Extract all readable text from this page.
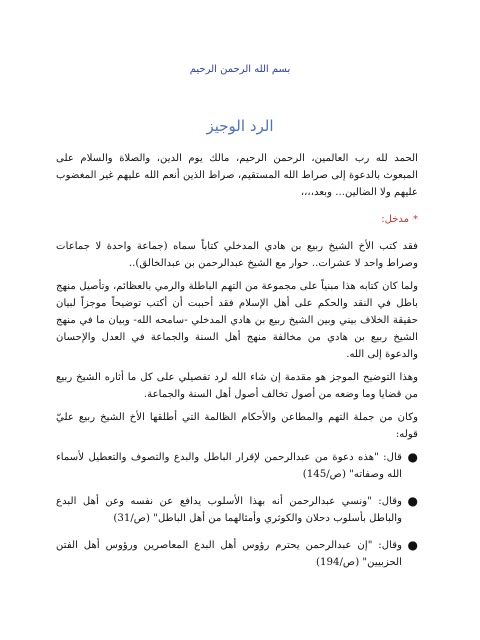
بسم الله الرحمن الرحيم
الرد الوجيز

الحمد لله رب العالمين، الرحمن الرحيم، مالك يوم الدين، والصلاة والسلام على المبعوث بالدعوة إلى صراط الله المستقيم، صراط الذين أنعم الله عليهم غير المغضوب عليهم ولا الضالين... وبعد،،،،

*مدخل:

فقد كتب الأخ الشيخ ربيع بن هادي المدخلي كتاباً سماه (جماعة واحدة لا جماعات وصراط واحد لا عشرات.. حوار مع الشيخ عبدالرحمن بن عبدالخالق)..

ولما كان كتابه هذا مبنياً على مجموعة من التهم الباطلة والرمي بالعظائم، وتأصيل منهج باطل في النقد والحكم على أهل الإسلام فقد أحببت أن أكتب توضيحاً موجزاً لبيان حقيقة الخلاف بيني وبين الشيخ ربيع بن هادي المدخلي -سامحه الله- وبيان ما في منهج الشيخ ربيع بن هادي من مخالفة منهج أهل السنة والجماعة في العدل والإحسان والدعوة إلى الله.

وهذا التوضيح الموجز هو مقدمة إن شاء الله لرد تفصيلي على كل ما أثاره الشيخ ربيع من قضايا وما وضعه من أصول تخالف أصول أهل السنة والجماعة.

وكان من جملة التهم والمطاعن والأحكام الظالمة التي أطلقها الأخ الشيخ ربيع عليّ قوله:

●
قال: "هذه دعوة من عبدالرحمن لإقرار الباطل والبدع والتصوف والتعطيل لأسماء الله وصفاته" (ص/145)
●
وقال: "ونسي عبدالرحمن أنه بهذا الأسلوب يدافع عن نفسه وعن أهل البدع والباطل بأسلوب دحلان والكوثري وأمثالهما من أهل الباطل" (ص/31)
●
وقال: "إن عبدالرحمن يحترم رؤوس أهل البدع المعاصرين ورؤوس أهل الفتن الحزبيين" (ص/194)
